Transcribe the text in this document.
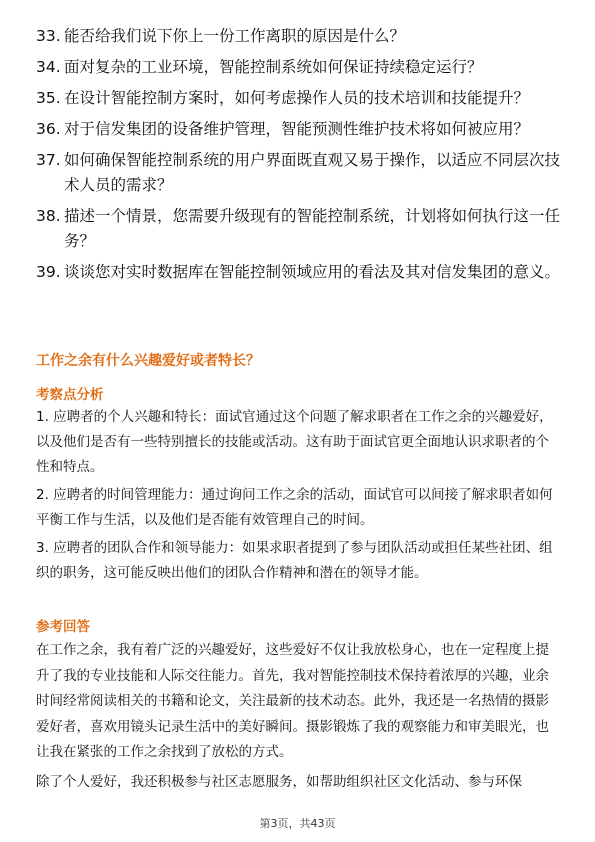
33. 能否给我们说下你上一份工作离职的原因是什么？
34. 面对复杂的工业环境，智能控制系统如何保证持续稳定运行？
35. 在设计智能控制方案时，如何考虑操作人员的技术培训和技能提升？
36. 对于信发集团的设备维护管理，智能预测性维护技术将如何被应用？
37. 如何确保智能控制系统的用户界面既直观又易于操作，以适应不同层次技术人员的需求？
38. 描述一个情景，您需要升级现有的智能控制系统，计划将如何执行这一任务？
39. 谈谈您对实时数据库在智能控制领域应用的看法及其对信发集团的意义。
工作之余有什么兴趣爱好或者特长？
考察点分析

1. 应聘者的个人兴趣和特长：面试官通过这个问题了解求职者在工作之余的兴趣爱好，以及他们是否有一些特别擅长的技能或活动。这有助于面试官更全面地认识求职者的个性和特点。

2. 应聘者的时间管理能力：通过询问工作之余的活动，面试官可以间接了解求职者如何平衡工作与生活，以及他们是否能有效管理自己的时间。

3. 应聘者的团队合作和领导能力：如果求职者提到了参与团队活动或担任某些社团、组织的职务，这可能反映出他们的团队合作精神和潜在的领导才能。

参考回答

在工作之余，我有着广泛的兴趣爱好，这些爱好不仅让我放松身心，也在一定程度上提升了我的专业技能和人际交往能力。首先，我对智能控制技术保持着浓厚的兴趣，业余时间经常阅读相关的书籍和论文，关注最新的技术动态。此外，我还是一名热情的摄影爱好者，喜欢用镜头记录生活中的美好瞬间。摄影锻炼了我的观察能力和审美眼光，也让我在紧张的工作之余找到了放松的方式。

除了个人爱好，我还积极参与社区志愿服务，如帮助组织社区文化活动、参与环保

第3页，共43页
